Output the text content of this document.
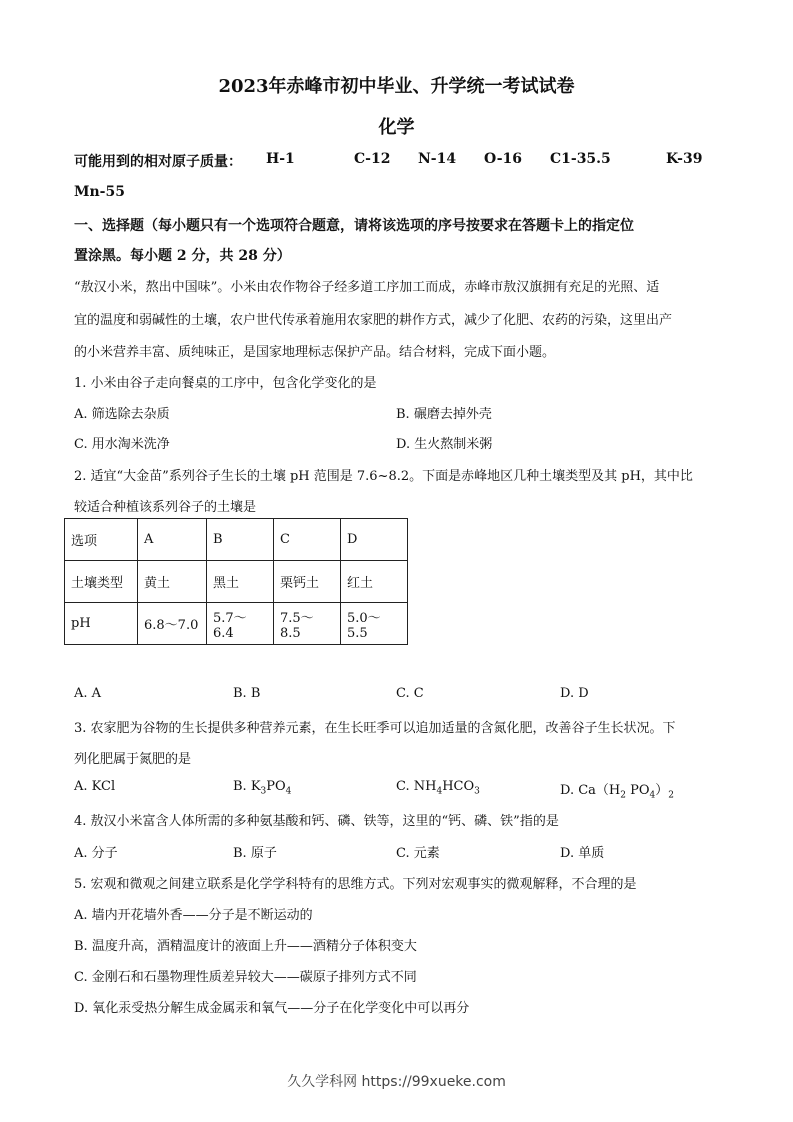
2023年赤峰市初中毕业、升学统一考试试卷
化学
可能用到的相对原子质量： H-1	C-12 N-14 O-16 C1-35.5	K-39
Mn-55
一、选择题（每小题只有一个选项符合题意，请将该选项的序号按要求在答题卡上的指定位
置涂黑。每小题 2 分，共 28 分）
“敖汉小米，熬出中国味”。小米由农作物谷子经多道工序加工而成，赤峰市敖汉旗拥有充足的光照、适
宜的温度和弱碱性的土壤，农户世代传承着施用农家肥的耕作方式，减少了化肥、农药的污染，这里出产
的小米营养丰富、质纯味正，是国家地理标志保护产品。结合材料，完成下面小题。
1. 小米由谷子走向餐桌的工序中，包含化学变化的是
A. 筛选除去杂质	B. 碾磨去掉外壳
C. 用水淘米洗净	D. 生火熬制米粥
2. 适宜“大金苗”系列谷子生长的土壤 pH 范围是 7.6~8.2。下面是赤峰地区几种土壤类型及其 pH，其中比
较适合种植该系列谷子的土壤是
选项	A	B	C	D
土壤类型	黄土	黑土	栗钙土	红土
pH	6.8～7.0	5.7～6.4	7.5～8.5	5.0～5.5
A. A	B. B	C. C	D. D
3. 农家肥为谷物的生长提供多种营养元素，在生长旺季可以追加适量的含氮化肥，改善谷子生长状况。下
列化肥属于氮肥的是
A. KCl	B. $K_3PO_4$	C. $NH_4HCO_3$	D. $Ca(H_2$ $PO_4)_2$
4. 敖汉小米富含人体所需的多种氨基酸和钙、磷、铁等，这里的“钙、磷、铁”指的是
A. 分子	B. 原子	C. 元素	D. 单质
5. 宏观和微观之间建立联系是化学学科特有的思维方式。下列对宏观事实的微观解释，不合理的是
A. 墙内开花墙外香——分子是不断运动的
B. 温度升高，酒精温度计的液面上升——酒精分子体积变大
C. 金刚石和石墨物理性质差异较大——碳原子排列方式不同
D. 氧化汞受热分解生成金属汞和氧气——分子在化学变化中可以再分
久久学科网 https://99xueke.com
